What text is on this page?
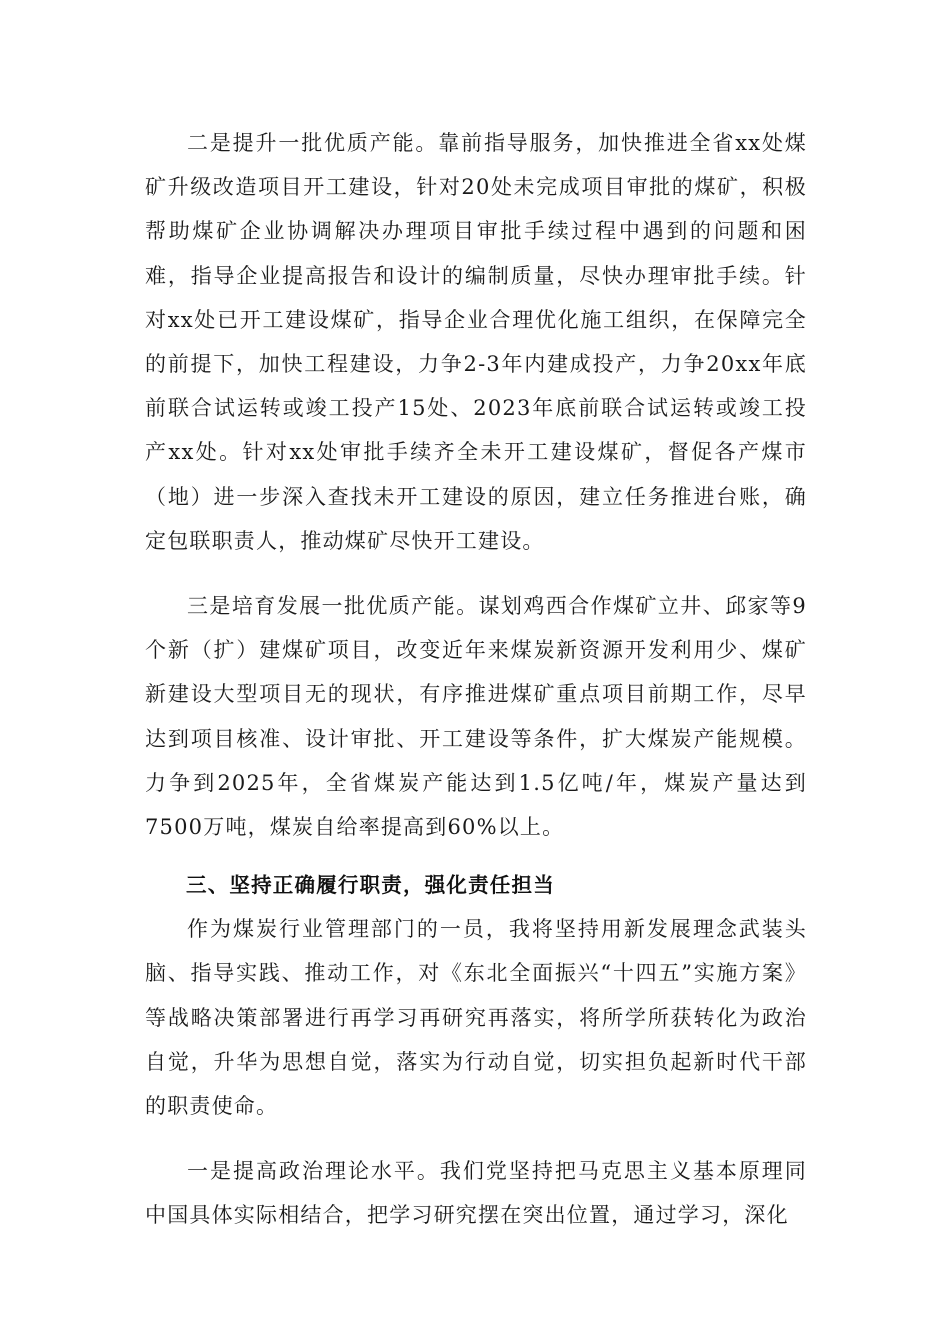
二是提升一批优质产能。靠前指导服务，加快推进全省xx处煤矿升级改造项目开工建设，针对20处未完成项目审批的煤矿，积极帮助煤矿企业协调解决办理项目审批手续过程中遇到的问题和困难，指导企业提高报告和设计的编制质量，尽快办理审批手续。针对xx处已开工建设煤矿，指导企业合理优化施工组织，在保障完全的前提下，加快工程建设，力争2-3年内建成投产，力争20xx年底前联合试运转或竣工投产15处、2023年底前联合试运转或竣工投产xx处。针对xx处审批手续齐全未开工建设煤矿，督促各产煤市（地）进一步深入查找未开工建设的原因，建立任务推进台账，确定包联职责人，推动煤矿尽快开工建设。

三是培育发展一批优质产能。谋划鸡西合作煤矿立井、邱家等9个新（扩）建煤矿项目，改变近年来煤炭新资源开发利用少、煤矿新建设大型项目无的现状，有序推进煤矿重点项目前期工作，尽早达到项目核准、设计审批、开工建设等条件，扩大煤炭产能规模。力争到2025年，全省煤炭产能达到1.5亿吨/年，煤炭产量达到7500万吨，煤炭自给率提高到60%以上。

三、坚持正确履行职责，强化责任担当

作为煤炭行业管理部门的一员，我将坚持用新发展理念武装头脑、指导实践、推动工作，对《东北全面振兴“十四五”实施方案》等战略决策部署进行再学习再研究再落实，将所学所获转化为政治自觉，升华为思想自觉，落实为行动自觉，切实担负起新时代干部的职责使命。

一是提高政治理论水平。我们党坚持把马克思主义基本原理同中国具体实际相结合，把学习研究摆在突出位置，通过学习，深化
